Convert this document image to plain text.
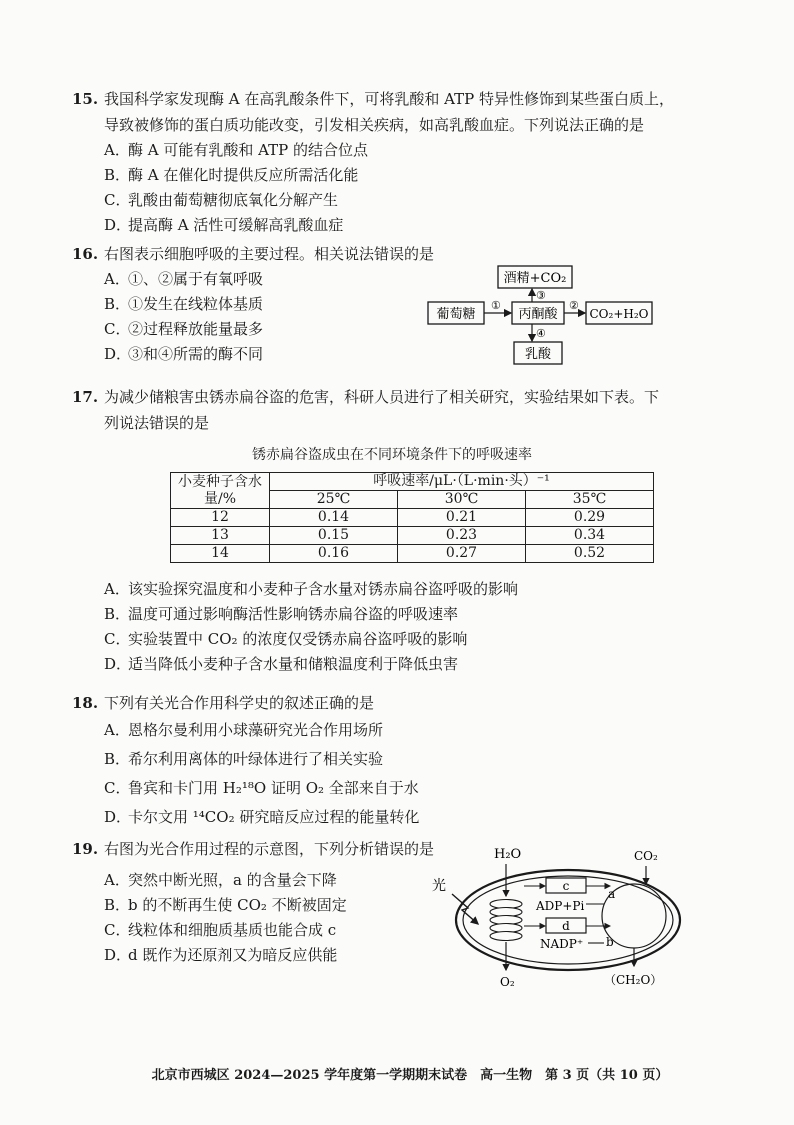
15. 我国科学家发现酶 A 在高乳酸条件下，可将乳酸和 ATP 特异性修饰到某些蛋白质上，
导致被修饰的蛋白质功能改变，引发相关疾病，如高乳酸血症。下列说法正确的是
A．酶 A 可能有乳酸和 ATP 的结合位点
B．酶 A 在催化时提供反应所需活化能
C．乳酸由葡萄糖彻底氧化分解产生
D．提高酶 A 活性可缓解高乳酸血症
16. 右图表示细胞呼吸的主要过程。相关说法错误的是
A．①、②属于有氧呼吸
B．①发生在线粒体基质
C．②过程释放能量最多
D．③和④所需的酶不同
酒精+CO₂
葡萄糖	丙酮酸	CO₂+H₂O
乳酸
①	②
③
④
17. 为减少储粮害虫锈赤扁谷盗的危害，科研人员进行了相关研究，实验结果如下表。下
列说法错误的是
锈赤扁谷盗成虫在不同环境条件下的呼吸速率
小麦种子含水量/%	呼吸速率/μL·（L·min·头）⁻¹		
	25℃	30℃	35℃
12	0.14	0.21	0.29
13	0.15	0.23	0.34
14	0.16	0.27	0.52
A．该实验探究温度和小麦种子含水量对锈赤扁谷盗呼吸的影响
B．温度可通过影响酶活性影响锈赤扁谷盗的呼吸速率
C．实验装置中 CO₂ 的浓度仅受锈赤扁谷盗呼吸的影响
D．适当降低小麦种子含水量和储粮温度利于降低虫害
18. 下列有关光合作用科学史的叙述正确的是
A．恩格尔曼利用小球藻研究光合作用场所
B．希尔利用离体的叶绿体进行了相关实验
C．鲁宾和卡门用 H₂¹⁸O 证明 O₂ 全部来自于水
D．卡尔文用 ¹⁴CO₂ 研究暗反应过程的能量转化
19. 右图为光合作用过程的示意图，下列分析错误的是
A．突然中断光照，a 的含量会下降
B．b 的不断再生使 CO₂ 不断被固定
C．线粒体和细胞质基质也能合成 c
D．d 既作为还原剂又为暗反应供能
光
H₂O
O₂
c
ADP+Pi
d
NADP⁺
a
b
CO₂
（CH₂O）
北京市西城区 2024—2025 学年度第一学期期末试卷　高一生物　第 3 页（共 10 页）
